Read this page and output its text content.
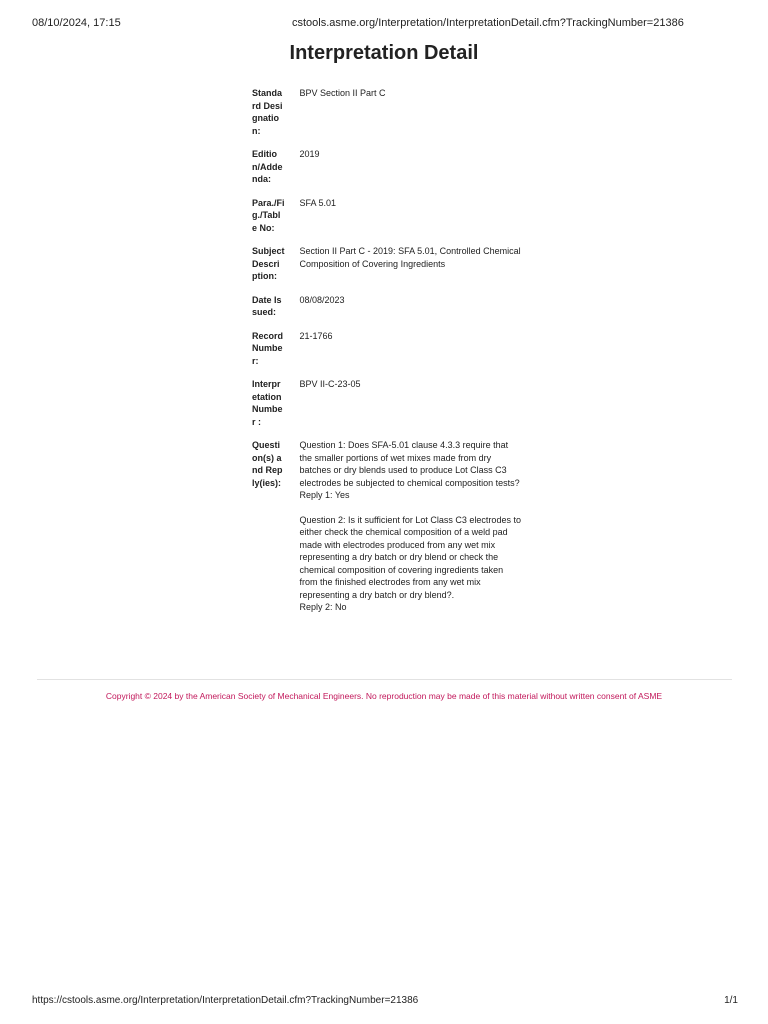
08/10/2024, 17:15	cstools.asme.org/Interpretation/InterpretationDetail.cfm?TrackingNumber=21386
Interpretation Detail
Standard Designation:	BPV Section II Part C
Edition/Addenda:	2019
Para./Fig./Table No:	SFA 5.01
Subject Description:	Section II Part C - 2019: SFA 5.01, Controlled Chemical Composition of Covering Ingredients
Date Issued:	08/08/2023
Record Number:	21-1766
Interpretation Number :	BPV II-C-23-05
Question(s) and Reply(ies):	Question 1: Does SFA-5.01 clause 4.3.3 require that the smaller portions of wet mixes made from dry batches or dry blends used to produce Lot Class C3 electrodes be subjected to chemical composition tests?
Reply 1: Yes
Question 2: Is it sufficient for Lot Class C3 electrodes to either check the chemical composition of a weld pad made with electrodes produced from any wet mix representing a dry batch or dry blend or check the chemical composition of covering ingredients taken from the finished electrodes from any wet mix representing a dry batch or dry blend?.
Reply 2: No
Copyright © 2024 by the American Society of Mechanical Engineers. No reproduction may be made of this material without written consent of ASME
https://cstools.asme.org/Interpretation/InterpretationDetail.cfm?TrackingNumber=21386	1/1
